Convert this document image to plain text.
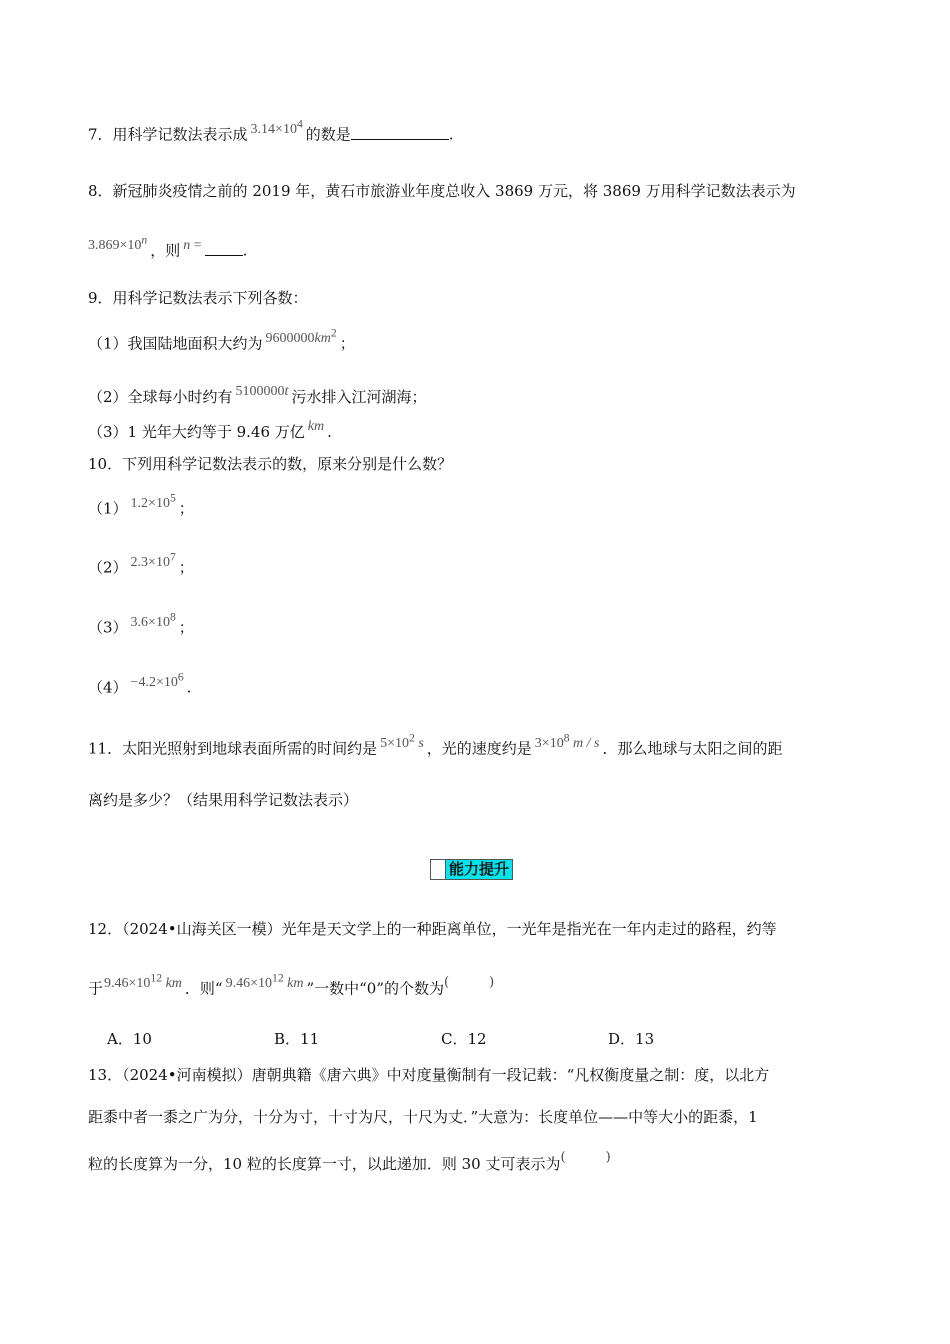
7．用科学记数法表示成 $3.14\times 10^4$的数是	.
8．新冠肺炎疫情之前的 2019 年，黄石市旅游业年度总收入 3869 万元，将 3869 万用科学记数法表示为
$3.869\times 10^n$，则 n =	.
9．用科学记数法表示下列各数：
（1）我国陆地面积大约为 $9600000km^2$；
（2）全球每小时约有 5100000t 污水排入江河湖海；
（3）1 光年大约等于 9.46 万亿 km .
10．下列用科学记数法表示的数，原来分别是什么数？
（1） $1.2\times 10^5$；
（2） $2.3\times 10^7$；
（3） $3.6\times 10^8$；
$(4) -4.2\times 10^6$.
11．太阳光照射到地球表面所需的时间约是 $5\times 10^2$ s ，光的速度约是 $3\times 10^8$ m / s ．那么地球与太阳之间的距
离约是多少？（结果用科学记数法表示）
能力提升
12．（2024•山海关区一模）光年是天文学上的一种距离单位，一光年是指光在一年内走过的路程，约等
于$9.46\times 10^{12}$ km ．则“ $9.46\times 10^{12}$ km ”一数中“0”的个数为(	)
A．10	B．11	C．12	D．13
13．（2024•河南模拟）唐朝典籍《唐六典》中对度量衡制有一段记载：“凡权衡度量之制：度，以北方
距黍中者一黍之广为分，十分为寸，十寸为尺，十尺为丈．”大意为：长度单位——中等大小的距黍，1
粒的长度算为一分，10 粒的长度算一寸，以此递加．则 30 丈可表示为(	)
